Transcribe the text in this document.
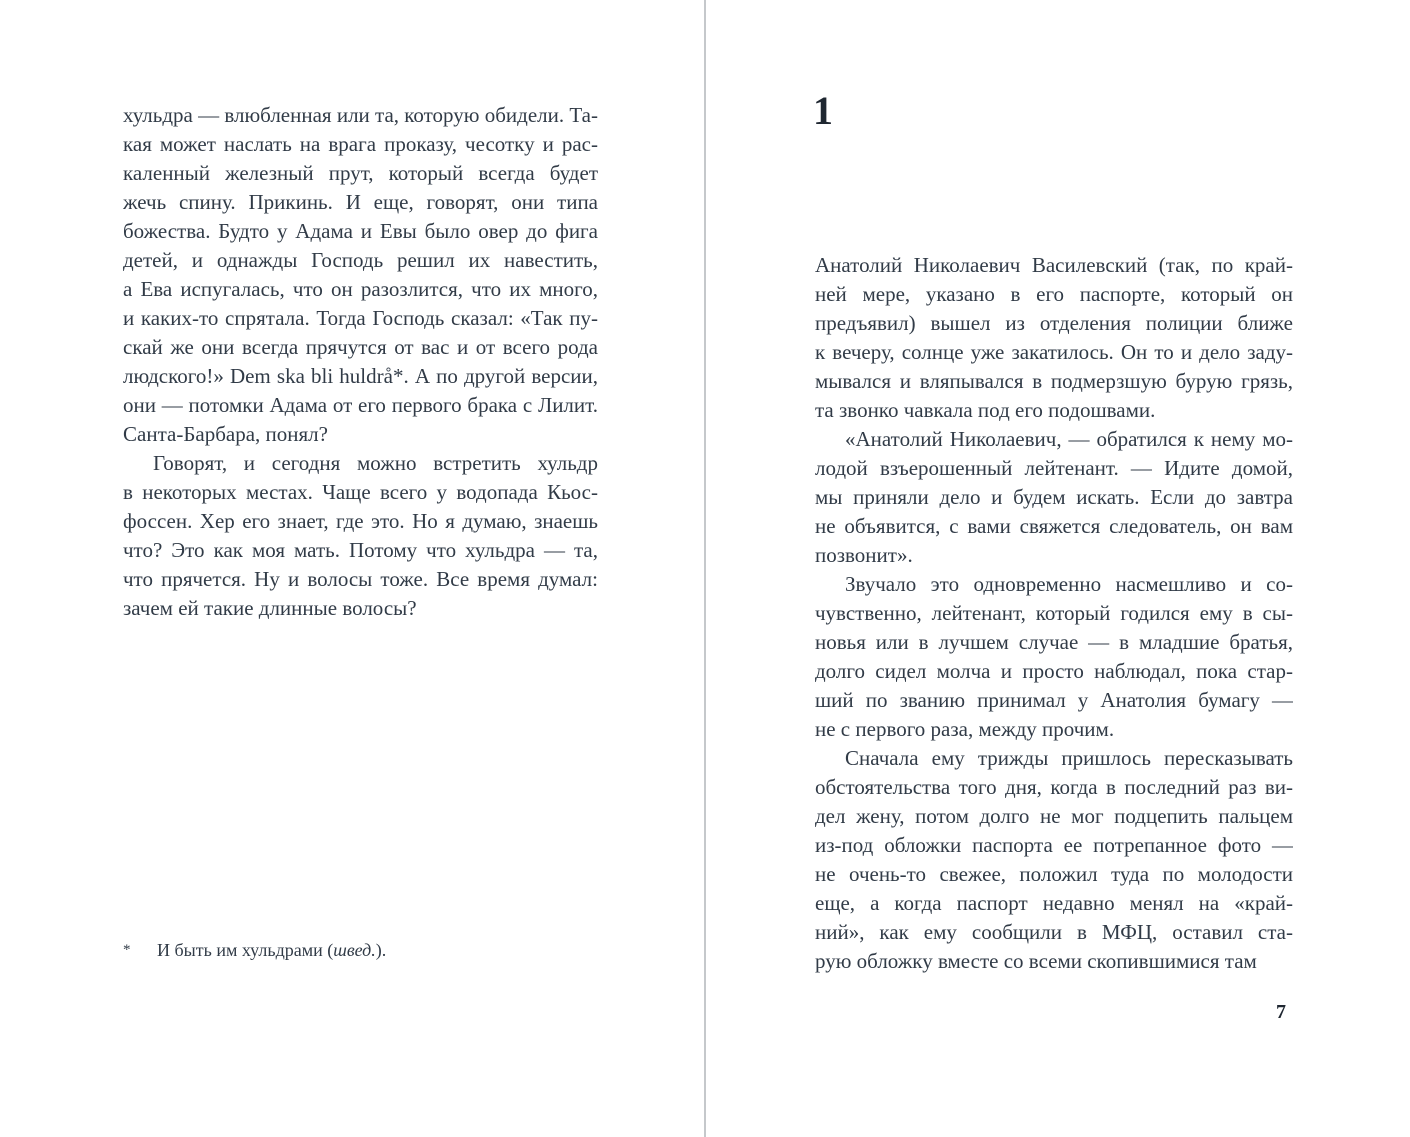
хульдра — влюбленная или та, которую обидели. Та-
кая может наслать на врага проказу, чесотку и рас-
каленный железный прут, который всегда будет
жечь спину. Прикинь. И еще, говорят, они типа
божества. Будто у Адама и Евы было овер до фига
детей, и однажды Господь решил их навестить,
а Ева испугалась, что он разозлится, что их много,
и каких-то спрятала. Тогда Господь сказал: «Так пу-
скай же они всегда прячутся от вас и от всего рода
людского!» Dem ska bli huldrå*. А по другой версии,
они — потомки Адама от его первого брака с Лилит.
Санта-Барбара, понял?
Говорят, и сегодня можно встретить хульдр
в некоторых местах. Чаще всего у водопада Кьос-
фоссен. Хер его знает, где это. Но я думаю, знаешь
что? Это как моя мать. Потому что хульдра — та,
что прячется. Ну и волосы тоже. Все время думал:
зачем ей такие длинные волосы?
*	И быть им хульдрами (швед.).
1
Анатолий Николаевич Василевский (так, по край-
ней мере, указано в его паспорте, который он
предъявил) вышел из отделения полиции ближе
к вечеру, солнце уже закатилось. Он то и дело заду-
мывался и вляпывался в подмерзшую бурую грязь,
та звонко чавкала под его подошвами.
«Анатолий Николаевич, — обратился к нему мо-
лодой взъерошенный лейтенант. — Идите домой,
мы приняли дело и будем искать. Если до завтра
не объявится, с вами свяжется следователь, он вам
позвонит».
Звучало это одновременно насмешливо и со-
чувственно, лейтенант, который годился ему в сы-
новья или в лучшем случае — в младшие братья,
долго сидел молча и просто наблюдал, пока стар-
ший по званию принимал у Анатолия бумагу —
не с первого раза, между прочим.
Сначала ему трижды пришлось пересказывать
обстоятельства того дня, когда в последний раз ви-
дел жену, потом долго не мог подцепить пальцем
из-под обложки паспорта ее потрепанное фото —
не очень-то свежее, положил туда по молодости
еще, а когда паспорт недавно менял на «край-
ний», как ему сообщили в МФЦ, оставил ста-
рую обложку вместе со всеми скопившимися там
7
